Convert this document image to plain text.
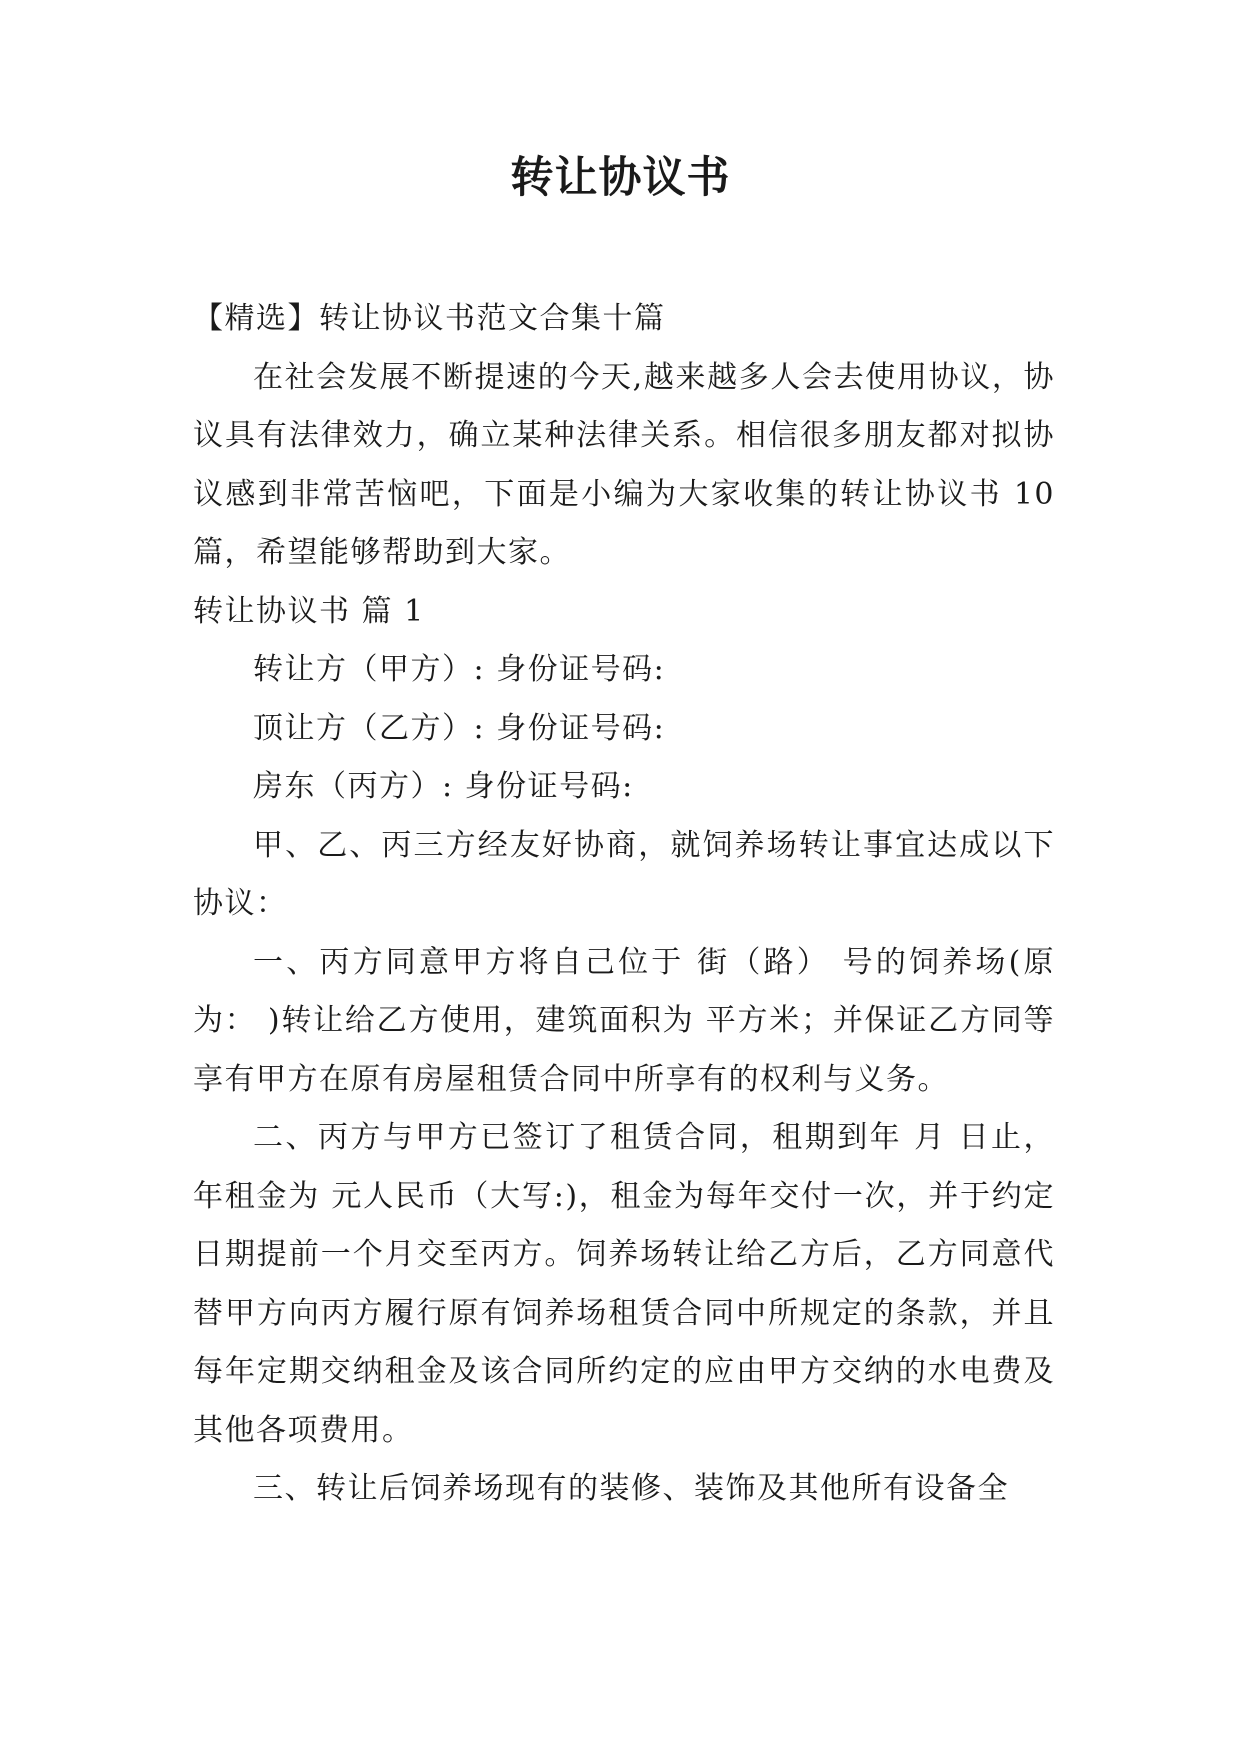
转让协议书

【精选】转让协议书范文合集十篇

在社会发展不断提速的今天,越来越多人会去使用协议，协议具有法律效力，确立某种法律关系。相信很多朋友都对拟协议感到非常苦恼吧，下面是小编为大家收集的转让协议书 10 篇，希望能够帮助到大家。

转让协议书 篇 1

转让方（甲方）: 身份证号码:

顶让方（乙方）: 身份证号码:

房东（丙方）: 身份证号码:

甲、乙、丙三方经友好协商，就饲养场转让事宜达成以下协议：

一、丙方同意甲方将自己位于 街（路） 号的饲养场(原为： )转让给乙方使用，建筑面积为 平方米；并保证乙方同等享有甲方在原有房屋租赁合同中所享有的权利与义务。

二、丙方与甲方已签订了租赁合同，租期到年 月 日止，年租金为 元人民币（大写:)，租金为每年交付一次，并于约定日期提前一个月交至丙方。饲养场转让给乙方后，乙方同意代替甲方向丙方履行原有饲养场租赁合同中所规定的条款，并且每年定期交纳租金及该合同所约定的应由甲方交纳的水电费及其他各项费用。

三、转让后饲养场现有的装修、装饰及其他所有设备全
